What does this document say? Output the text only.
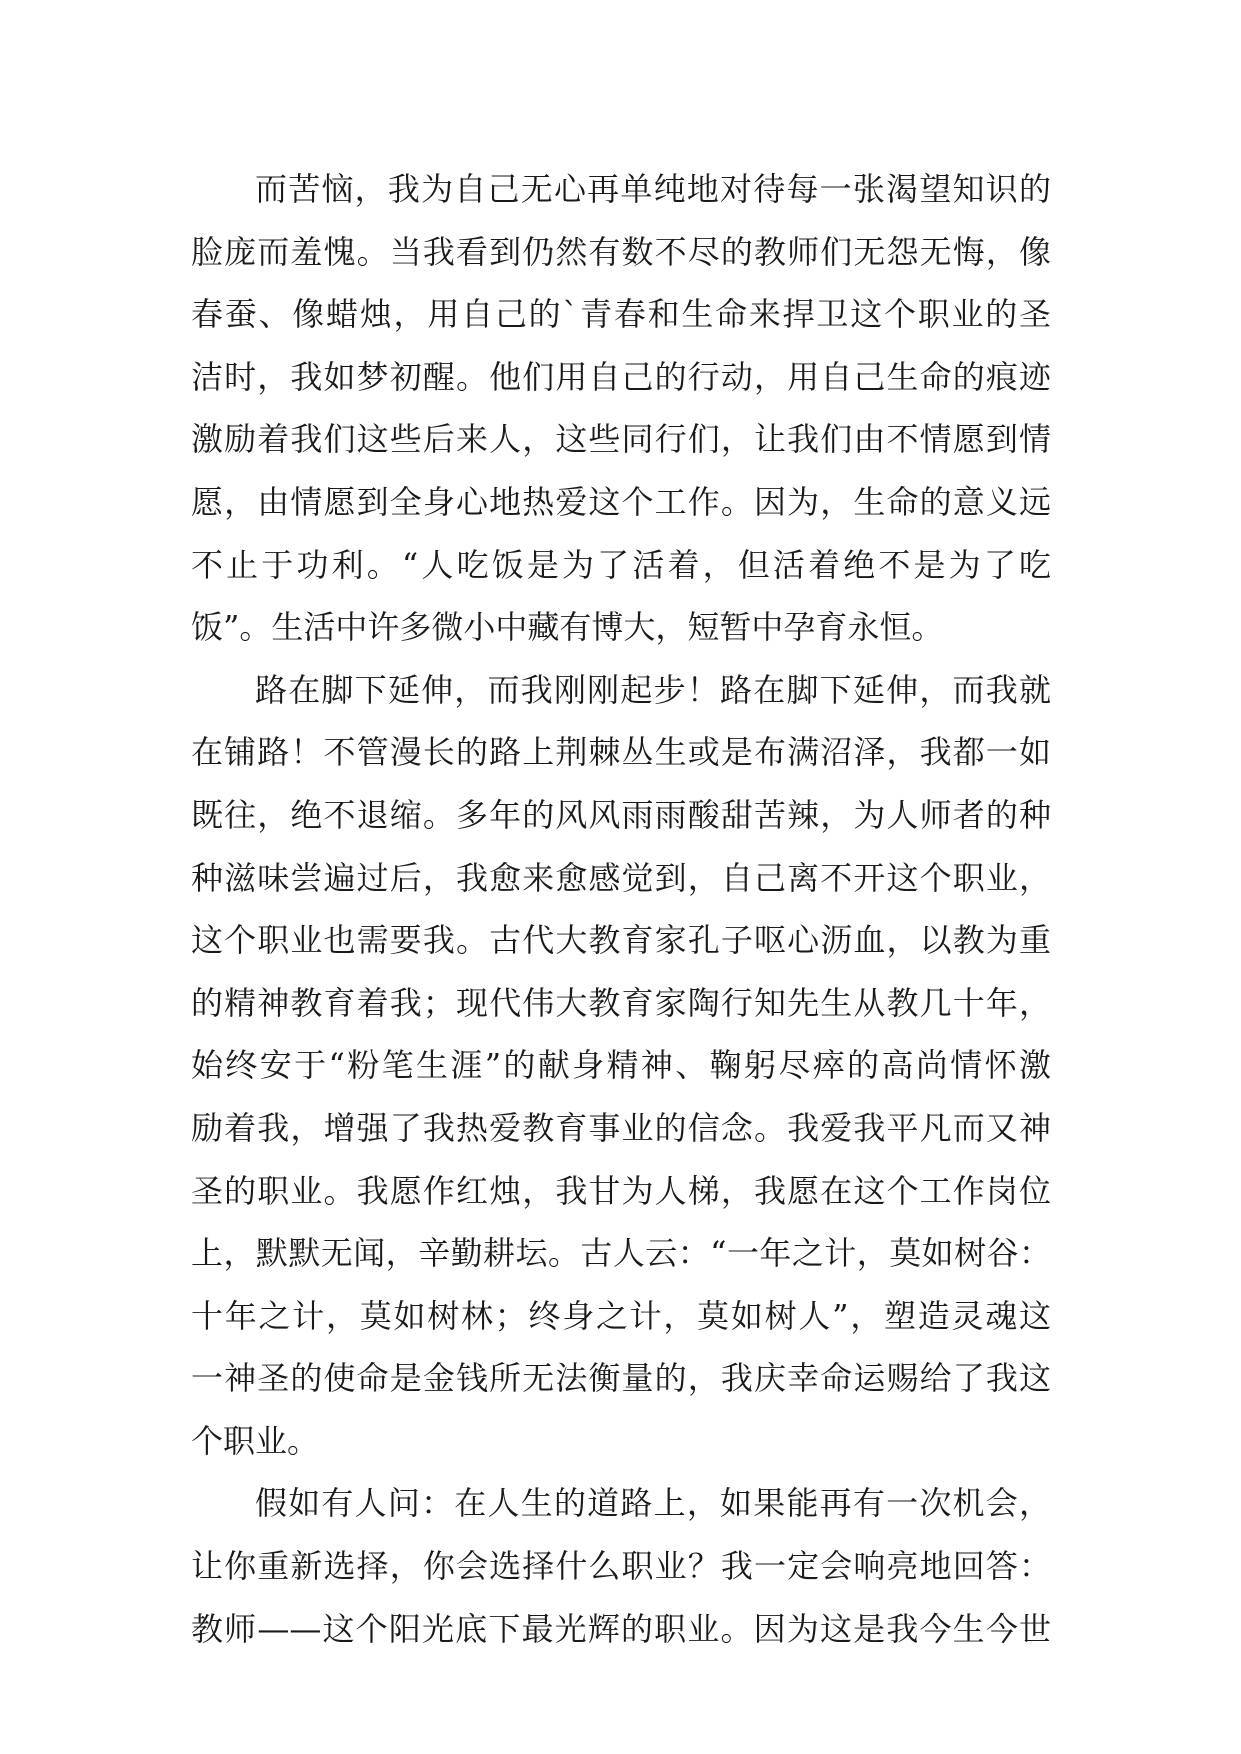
而苦恼，我为自己无心再单纯地对待每一张渴望知识的
脸庞而羞愧。当我看到仍然有数不尽的教师们无怨无悔，像
春蚕、像蜡烛，用自己的`青春和生命来捍卫这个职业的圣
洁时，我如梦初醒。他们用自己的行动，用自己生命的痕迹
激励着我们这些后来人，这些同行们，让我们由不情愿到情
愿，由情愿到全身心地热爱这个工作。因为，生命的意义远
不止于功利。“人吃饭是为了活着，但活着绝不是为了吃
饭”。生活中许多微小中藏有博大，短暂中孕育永恒。
路在脚下延伸，而我刚刚起步！路在脚下延伸，而我就
在铺路！不管漫长的路上荆棘丛生或是布满沼泽，我都一如
既往，绝不退缩。多年的风风雨雨酸甜苦辣，为人师者的种
种滋味尝遍过后，我愈来愈感觉到，自己离不开这个职业，
这个职业也需要我。古代大教育家孔子呕心沥血，以教为重
的精神教育着我；现代伟大教育家陶行知先生从教几十年，
始终安于“粉笔生涯”的献身精神、鞠躬尽瘁的高尚情怀激
励着我，增强了我热爱教育事业的信念。我爱我平凡而又神
圣的职业。我愿作红烛，我甘为人梯，我愿在这个工作岗位
上，默默无闻，辛勤耕坛。古人云：“一年之计，莫如树谷：
十年之计，莫如树林；终身之计，莫如树人”，塑造灵魂这
一神圣的使命是金钱所无法衡量的，我庆幸命运赐给了我这
个职业。
假如有人问：在人生的道路上，如果能再有一次机会，
让你重新选择，你会选择什么职业？我一定会响亮地回答：
教师——这个阳光底下最光辉的职业。因为这是我今生今世
